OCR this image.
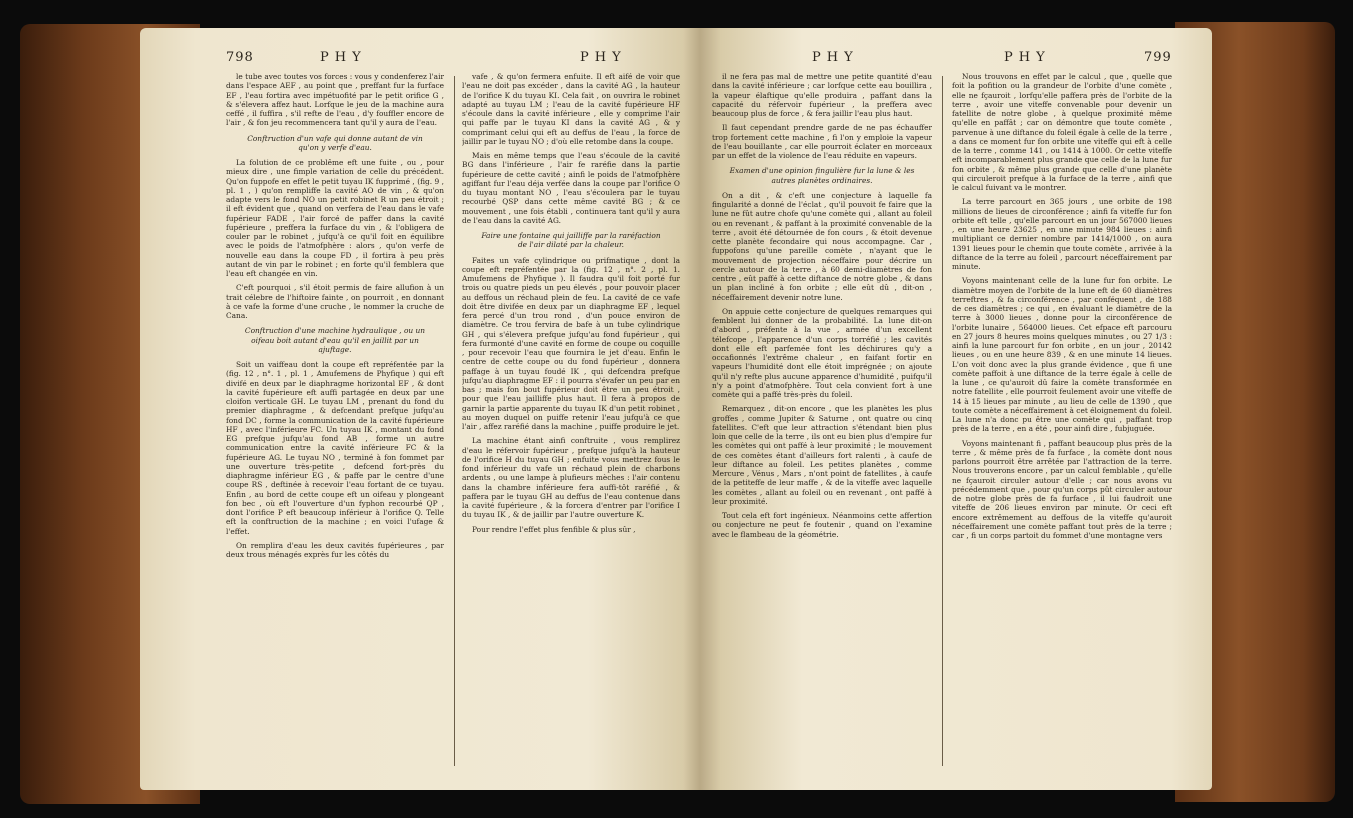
798	PHY	PHY

le tube avec toutes vos forces : vous y condenferez l'air dans l'espace AEF , au point que , preffant fur la furface EF , l'eau fortira avec impétuofité par le petit orifice G , & s'élevera affez haut. Lorfque le jeu de la machine aura ceffé , il fuffira , s'il refte de l'eau , d'y fouffler encore de l'air , & fon jeu recommencera tant qu'il y aura de l'eau.

Conftruction d'un vafe qui donne autant de vin qu'on y verfe d'eau.

La folution de ce problême eft une fuite , ou , pour mieux dire , une fimple variation de celle du précédent. Qu'on fuppofe en effet le petit tuyau IK fupprimé , (fig. 9 , pl. 1 , ) qu'on rempliffe la cavité AO de vin , & qu'on adapte vers le fond NO un petit robinet R un peu étroit ; il eft évident que , quand on verfera de l'eau dans le vafe fupérieur FADE , l'air forcé de paffer dans la cavité fupérieure , preffera la furface du vin , & l'obligera de couler par le robinet , jufqu'à ce qu'il foit en équilibre avec le poids de l'atmofphère : alors , qu'on verfe de nouvelle eau dans la coupe FD , il fortira à peu près autant de vin par le robinet ; en forte qu'il femblera que l'eau eft changée en vin.

C'eft pourquoi , s'il étoit permis de faire allufion à un trait célebre de l'hiftoire fainte , on pourroit , en donnant à ce vafe la forme d'une cruche , le nommer la cruche de Cana.

Conftruction d'une machine hydraulique , ou un oifeau boit autant d'eau qu'il en jaillit par un ajuftage.

Soit un vaiffeau dont la coupe eft repréfentée par la (fig. 12 , n°. 1 , pl. 1 , Amufemens de Phyfique ) qui eft divifé en deux par le diaphragme horizontal EF , & dont la cavité fupérieure eft auffi partagée en deux par une cloifon verticale GH. Le tuyau LM , prenant du fond du premier diaphragme , & defcendant prefque jufqu'au fond DC , forme la communication de la cavité fupérieure HF , avec l'inférieure FC. Un tuyau IK , montant du fond EG prefque jufqu'au fond AB , forme un autre communication entre la cavité inférieure FC & la fupérieure AG. Le tuyau NO , terminé à fon fommet par une ouverture très-petite , defcend fort-près du diaphragme inférieur EG , & paffe par le centre d'une coupe RS , deftinée à recevoir l'eau fortant de ce tuyau. Enfin , au bord de cette coupe eft un oifeau y plongeant fon bec , où eft l'ouverture d'un fyphon recourbé QP , dont l'orifice P eft beaucoup inférieur à l'orifice Q. Telle eft la conftruction de la machine ; en voici l'ufage & l'effet.

On remplira d'eau les deux cavités fupérieures , par deux trous ménagés exprès fur les côtés du

vafe , & qu'on fermera enfuite. Il eft aifé de voir que l'eau ne doit pas excéder , dans la cavité AG , la hauteur de l'orifice K du tuyau KI. Cela fait , on ouvrira le robinet adapté au tuyau LM ; l'eau de la cavité fupérieure HF s'écoule dans la cavité inférieure , elle y comprime l'air qui paffe par le tuyau KI dans la cavité AG , & y comprimant celui qui eft au deffus de l'eau , la force de jaillir par le tuyau NO ; d'où elle retombe dans la coupe.

Mais en même temps que l'eau s'écoule de la cavité BG dans l'inférieure , l'air fe raréfie dans la partie fupérieure de cette cavité ; ainfi le poids de l'atmofphère agiffant fur l'eau déja verfée dans la coupe par l'orifice O du tuyau montant NO , l'eau s'écoulera par le tuyau recourbé QSP dans cette même cavité BG ; & ce mouvement , une fois établi , continuera tant qu'il y aura de l'eau dans la cavité AG.

Faire une fontaine qui jailliffe par la raréfaction de l'air dilaté par la chaleur.

Faites un vafe cylindrique ou prifmatique , dont la coupe eft repréfentée par la (fig. 12 , n°. 2 , pl. 1. Amufemens de Phyfique ). Il faudra qu'il foit porté fur trois ou quatre pieds un peu élevés , pour pouvoir placer au deffous un réchaud plein de feu. La cavité de ce vafe doit être divifée en deux par un diaphragme EF , lequel fera percé d'un trou rond , d'un pouce environ de diamètre. Ce trou fervira de bafe à un tube cylindrique GH , qui s'élevera prefque jufqu'au fond fupérieur , qui fera furmonté d'une cavité en forme de coupe ou coquille , pour recevoir l'eau que fournira le jet d'eau. Enfin le centre de cette coupe ou du fond fupérieur , donnera paffage à un tuyau foudé IK , qui defcendra prefque jufqu'au diaphragme EF : il pourra s'évafer un peu par en bas ; mais fon bout fupérieur doit être un peu étroit , pour que l'eau jailliffe plus haut. Il fera à propos de garnir la partie apparente du tuyau IK d'un petit robinet , au moyen duquel on puiffe retenir l'eau jufqu'à ce que l'air , affez raréfié dans la machine , puiffe produire le jet.

La machine étant ainfi conftruite , vous remplirez d'eau le réfervoir fupérieur , prefque jufqu'à la hauteur de l'orifice H du tuyau GH ; enfuite vous mettrez fous le fond inférieur du vafe un réchaud plein de charbons ardents , ou une lampe à plufieurs mèches : l'air contenu dans la chambre inférieure fera auffi-tôt raréfié , & paffera par le tuyau GH au deffus de l'eau contenue dans la cavité fupérieure , & la forcera d'entrer par l'orifice I du tuyau IK , & de jaillir par l'autre ouverture K.

Pour rendre l'effet plus fenfible & plus sûr ,

PHY	PHY	799

il ne fera pas mal de mettre une petite quantité d'eau dans la cavité inférieure ; car lorfque cette eau bouillira , la vapeur élaftique qu'elle produira , paffant dans la capacité du réfervoir fupérieur , la preffera avec beaucoup plus de force , & fera jaillir l'eau plus haut.

Il faut cependant prendre garde de ne pas échauffer trop fortement cette machine , fi l'on y emploie la vapeur de l'eau bouillante , car elle pourroit éclater en morceaux par un effet de la violence de l'eau réduite en vapeurs.

Examen d'une opinion fingulière fur la lune & les autres planètes ordinaires.

On a dit , & c'eft une conjecture à laquelle fa fingularité a donné de l'éclat , qu'il pouvoit fe faire que la lune ne fût autre chofe qu'une comète qui , allant au foleil ou en revenant , & paffant à la proximité convenable de la terre , avoit été détournée de fon cours , & étoit devenue cette planète fecondaire qui nous accompagne. Car , fuppofons qu'une pareille comète , n'ayant que le mouvement de projection néceffaire pour décrire un cercle autour de la terre , à 60 demi-diamètres de fon centre , eût paffé à cette diftance de notre globe , & dans un plan incliné à fon orbite ; elle eût dû , dit-on , néceffairement devenir notre lune.

On appuie cette conjecture de quelques remarques qui femblent lui donner de la probabilité. La lune dit-on d'abord , préfente à la vue , armée d'un excellent télefcope , l'apparence d'un corps torréfié ; les cavités dont elle eft parfemée font les déchirures qu'y a occafionnés l'extrême chaleur , en faifant fortir en vapeurs l'humidité dont elle étoit imprégnée ; on ajoute qu'il n'y refte plus aucune apparence d'humidité , puifqu'il n'y a point d'atmofphère. Tout cela convient fort à une comète qui a paffé très-près du foleil.

Remarquez , dit-on encore , que les planètes les plus groffes , comme Jupiter & Saturne , ont quatre ou cinq fatellites. C'eft que leur attraction s'étendant bien plus loin que celle de la terre , ils ont eu bien plus d'empire fur les comètes qui ont paffé à leur proximité ; le mouvement de ces comètes étant d'ailleurs fort ralenti , à caufe de leur diftance au foleil. Les petites planètes , comme Mercure , Vénus , Mars , n'ont point de fatellites , à caufe de la petiteffe de leur maffe , & de la viteffe avec laquelle les comètes , allant au foleil ou en revenant , ont paffé à leur proximité.

Tout cela eft fort ingénieux. Néanmoins cette affertion ou conjecture ne peut fe foutenir , quand on l'examine avec le flambeau de la géométrie.

Nous trouvons en effet par le calcul , que , quelle que foit la pofition ou la grandeur de l'orbite d'une comète , elle ne fçauroit , lorfqu'elle paffera près de l'orbite de la terre , avoir une viteffe convenable pour devenir un fatellite de notre globe , à quelque proximité même qu'elle en paffât ; car on démontre que toute comète , parvenue à une diftance du foleil égale à celle de la terre , a dans ce moment fur fon orbite une viteffe qui eft à celle de la terre , comme 141 , ou 1414 à 1000. Or cette viteffe eft incomparablement plus grande que celle de la lune fur fon orbite , & même plus grande que celle d'une planète qui circuleroit prefque à la furface de la terre , ainfi que le calcul fuivant va le montrer.

La terre parcourt en 365 jours , une orbite de 198 millions de lieues de circonférence ; ainfi fa viteffe fur fon orbite eft telle , qu'elle parcourt en un jour 567000 lieues , en une heure 23625 , en une minute 984 lieues : ainfi multipliant ce dernier nombre par 1414/1000 , on aura 1391 lieues pour le chemin que toute comète , arrivée à la diftance de la terre au foleil , parcourt néceffairement par minute.

Voyons maintenant celle de la lune fur fon orbite. Le diamètre moyen de l'orbite de la lune eft de 60 diamètres terreftres , & fa circonférence , par conféquent , de 188 de ces diamètres ; ce qui , en évaluant le diamètre de la terre à 3000 lieues , donne pour la circonférence de l'orbite lunaire , 564000 lieues. Cet efpace eft parcouru en 27 jours 8 heures moins quelques minutes , ou 27 1/3 : ainfi la lune parcourt fur fon orbite , en un jour , 20142 lieues , ou en une heure 839 , & en une minute 14 lieues. L'on voit donc avec la plus grande évidence , que fi une comète paffoit à une diftance de la terre égale à celle de la lune , ce qu'auroit dû faire la comète transformée en notre fatellite , elle pourroit feulement avoir une viteffe de 14 à 15 lieues par minute , au lieu de celle de 1390 , que toute comète a néceffairement à cet éloignement du foleil. La lune n'a donc pu être une comète qui , paffant trop près de la terre , en a été , pour ainfi dire , fubjuguée.

Voyons maintenant fi , paffant beaucoup plus près de la terre , & même près de fa furface , la comète dont nous parlons pourroit être arrêtée par l'attraction de la terre. Nous trouverons encore , par un calcul femblable , qu'elle ne fçauroit circuler autour d'elle ; car nous avons vu précédemment que , pour qu'un corps pût circuler autour de notre globe près de fa furface , il lui faudroit une viteffe de 206 lieues environ par minute. Or ceci eft encore extrêmement au deffous de la viteffe qu'auroit néceffairement une comète paffant tout près de la terre ; car , fi un corps partoit du fommet d'une montagne vers
